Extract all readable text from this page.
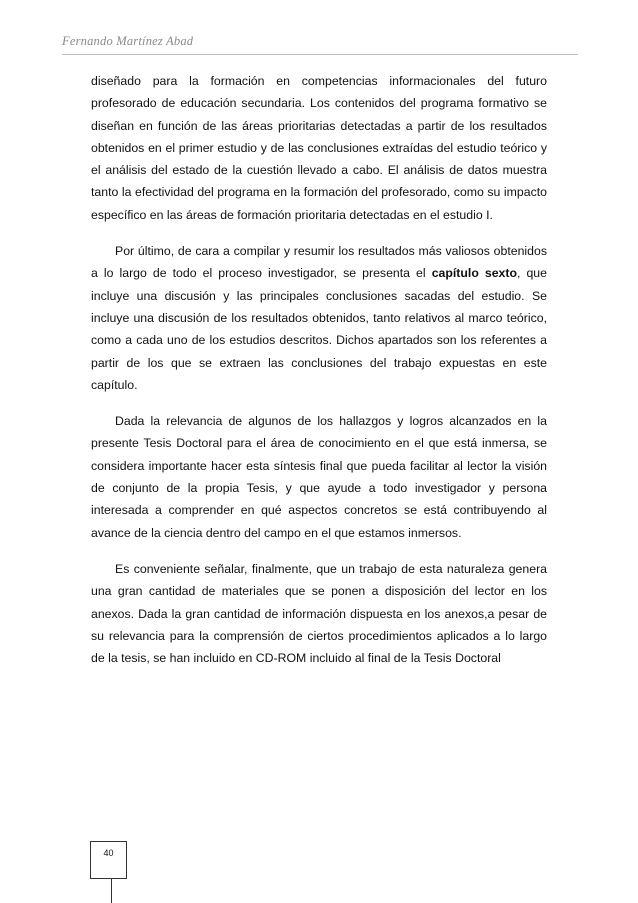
Fernando Martínez Abad

diseñado para la formación en competencias informacionales del futuro profesorado de educación secundaria. Los contenidos del programa formativo se diseñan en función de las áreas prioritarias detectadas a partir de los resultados obtenidos en el primer estudio y de las conclusiones extraídas del estudio teórico y el análisis del estado de la cuestión llevado a cabo. El análisis de datos muestra tanto la efectividad del programa en la formación del profesorado, como su impacto específico en las áreas de formación prioritaria detectadas en el estudio I.

Por último, de cara a compilar y resumir los resultados más valiosos obtenidos a lo largo de todo el proceso investigador, se presenta el capítulo sexto, que incluye una discusión y las principales conclusiones sacadas del estudio. Se incluye una discusión de los resultados obtenidos, tanto relativos al marco teórico, como a cada uno de los estudios descritos. Dichos apartados son los referentes a partir de los que se extraen las conclusiones del trabajo expuestas en este capítulo.

Dada la relevancia de algunos de los hallazgos y logros alcanzados en la presente Tesis Doctoral para el área de conocimiento en el que está inmersa, se considera importante hacer esta síntesis final que pueda facilitar al lector la visión de conjunto de la propia Tesis, y que ayude a todo investigador y persona interesada a comprender en qué aspectos concretos se está contribuyendo al avance de la ciencia dentro del campo en el que estamos inmersos.

Es conveniente señalar, finalmente, que un trabajo de esta naturaleza genera una gran cantidad de materiales que se ponen a disposición del lector en los anexos. Dada la gran cantidad de información dispuesta en los anexos,a pesar de su relevancia para la comprensión de ciertos procedimientos aplicados a lo largo de la tesis, se han incluido en CD-ROM incluido al final de la Tesis Doctoral

40
